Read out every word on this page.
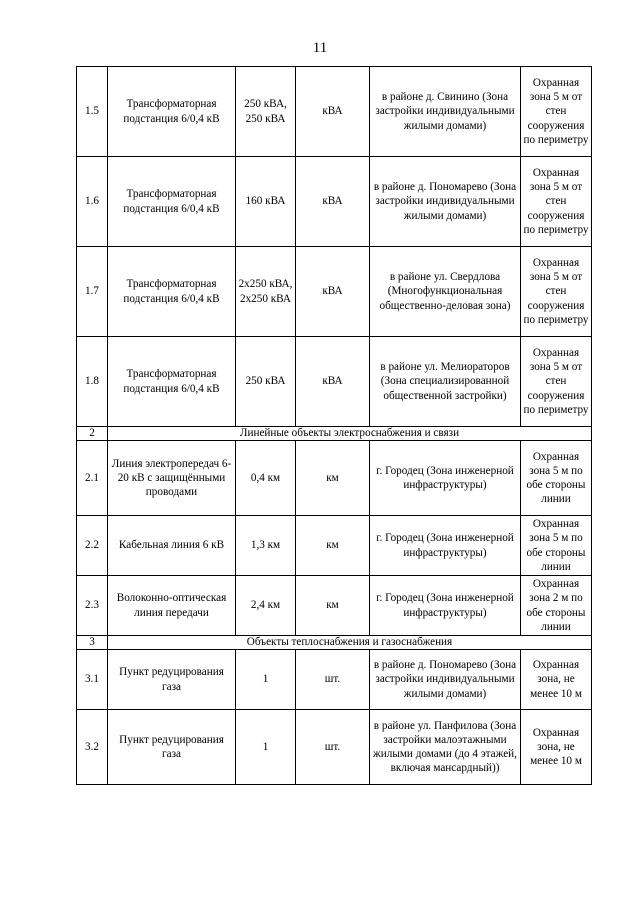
11
1.5	Трансформаторная подстанция 6/0,4 кВ	250 кВА, 250 кВА	кВА	в районе д. Свинино (Зона застройки индивидуальными жилыми домами)	Охранная зона 5 м от стен сооружения по периметру
1.6	Трансформаторная подстанция 6/0,4 кВ	160 кВА	кВА	в районе д. Пономарево (Зона застройки индивидуальными жилыми домами)	Охранная зона 5 м от стен сооружения по периметру
1.7	Трансформаторная подстанция 6/0,4 кВ	2х250 кВА, 2х250 кВА	кВА	в районе ул. Свердлова (Многофункциональная общественно-деловая зона)	Охранная зона 5 м от стен сооружения по периметру
1.8	Трансформаторная подстанция 6/0,4 кВ	250 кВА	кВА	в районе ул. Мелиораторов (Зона специализированной общественной застройки)	Охранная зона 5 м от стен сооружения по периметру
2	Линейные объекты электроснабжения и связи				
2.1	Линия электропередач 6-20 кВ с защищёнными проводами	0,4 км	км	г. Городец (Зона инженерной инфраструктуры)	Охранная зона 5 м по обе стороны линии
2.2	Кабельная линия 6 кВ	1,3 км	км	г. Городец (Зона инженерной инфраструктуры)	Охранная зона 5 м по обе стороны линии
2.3	Волоконно-оптическая линия передачи	2,4 км	км	г. Городец (Зона инженерной инфраструктуры)	Охранная зона 2 м по обе стороны линии
3	Объекты теплоснабжения и газоснабжения				
3.1	Пункт редуцирования газа	1	шт.	в районе д. Пономарево (Зона застройки индивидуальными жилыми домами)	Охранная зона, не менее 10 м
3.2	Пункт редуцирования газа	1	шт.	в районе ул. Панфилова (Зона застройки малоэтажными жилыми домами (до 4 этажей, включая мансардный))	Охранная зона, не менее 10 м
